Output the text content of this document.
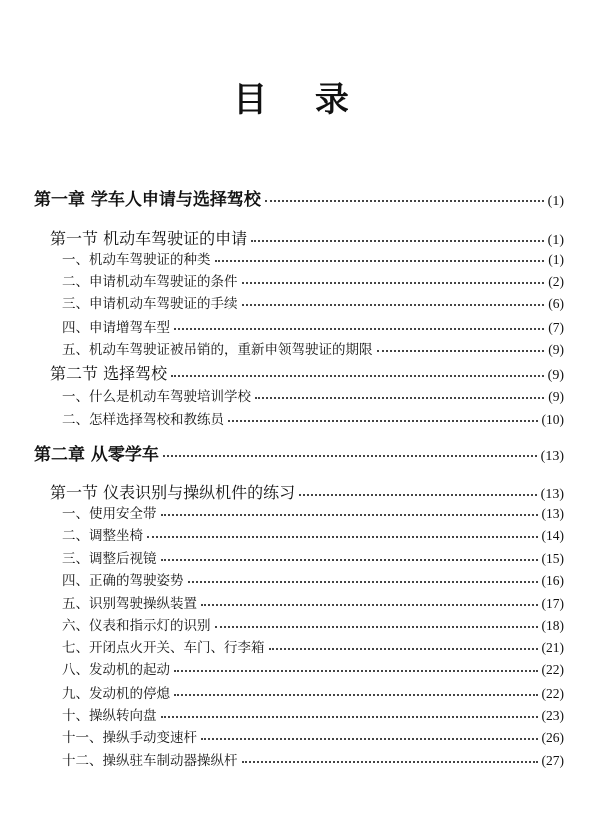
目 录
第一章 学车人申请与选择驾校	(1)
第一节 机动车驾驶证的申请	(1)
一、机动车驾驶证的种类	(1)
二、申请机动车驾驶证的条件	(2)
三、申请机动车驾驶证的手续	(6)
四、申请增驾车型	(7)
五、机动车驾驶证被吊销的，重新申领驾驶证的期限	(9)
第二节 选择驾校	(9)
一、什么是机动车驾驶培训学校	(9)
二、怎样选择驾校和教练员	(10)
第二章 从零学车	(13)
第一节 仪表识别与操纵机件的练习	(13)
一、使用安全带	(13)
二、调整坐椅	(14)
三、调整后视镜	(15)
四、正确的驾驶姿势	(16)
五、识别驾驶操纵装置	(17)
六、仪表和指示灯的识别	(18)
七、开闭点火开关、车门、行李箱	(21)
八、发动机的起动	(22)
九、发动机的停熄	(22)
十、操纵转向盘	(23)
十一、操纵手动变速杆	(26)
十二、操纵驻车制动器操纵杆	(27)
